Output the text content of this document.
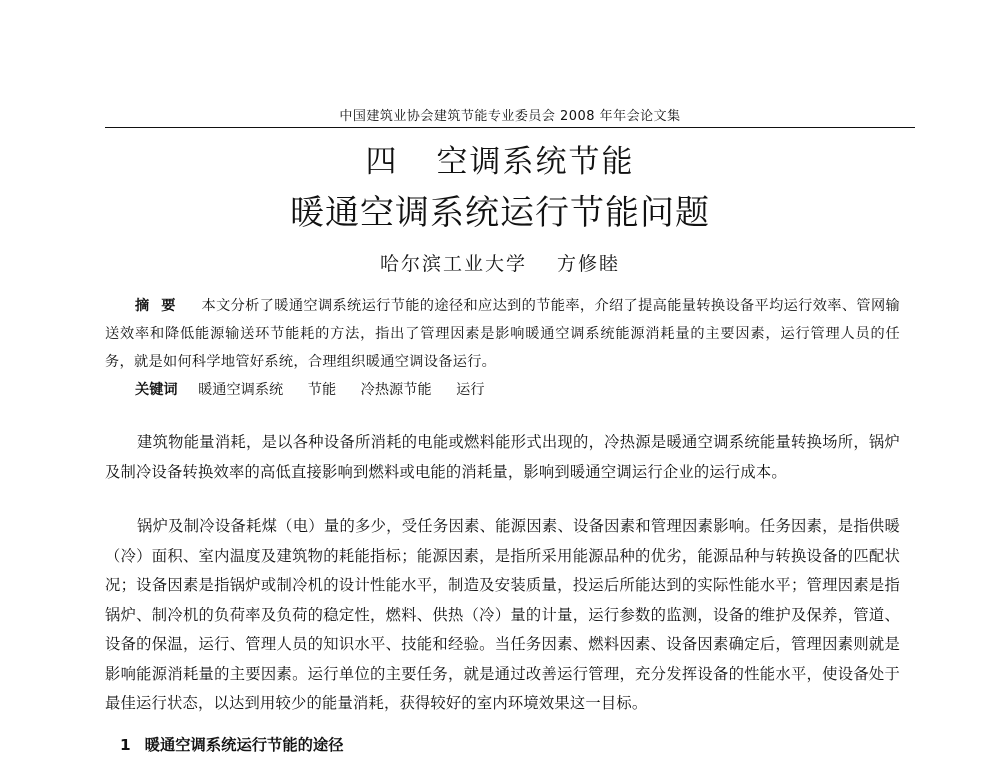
中国建筑业协会建筑节能专业委员会 2008 年年会论文集
四 空调系统节能
暖通空调系统运行节能问题
哈尔滨工业大学 方修睦
摘要 本文分析了暖通空调系统运行节能的途径和应达到的节能率，介绍了提高能量转换设备平均运行效率、管网输送效率和降低能源输送环节能耗的方法，指出了管理因素是影响暖通空调系统能源消耗量的主要因素，运行管理人员的任务，就是如何科学地管好系统，合理组织暖通空调设备运行。
关键词 暖通空调系统 节能 冷热源节能 运行

建筑物能量消耗，是以各种设备所消耗的电能或燃料能形式出现的，冷热源是暖通空调系统能量转换场所，锅炉及制冷设备转换效率的高低直接影响到燃料或电能的消耗量，影响到暖通空调运行企业的运行成本。

锅炉及制冷设备耗煤（电）量的多少，受任务因素、能源因素、设备因素和管理因素影响。任务因素，是指供暖（冷）面积、室内温度及建筑物的耗能指标；能源因素，是指所采用能源品种的优劣，能源品种与转换设备的匹配状况；设备因素是指锅炉或制冷机的设计性能水平，制造及安装质量，投运后所能达到的实际性能水平；管理因素是指锅炉、制冷机的负荷率及负荷的稳定性，燃料、供热（冷）量的计量，运行参数的监测，设备的维护及保养，管道、设备的保温，运行、管理人员的知识水平、技能和经验。当任务因素、燃料因素、设备因素确定后，管理因素则就是影响能源消耗量的主要因素。运行单位的主要任务，就是通过改善运行管理，充分发挥设备的性能水平，使设备处于最佳运行状态，以达到用较少的能量消耗，获得较好的室内环境效果这一目标。

1 暖通空调系统运行节能的途径
